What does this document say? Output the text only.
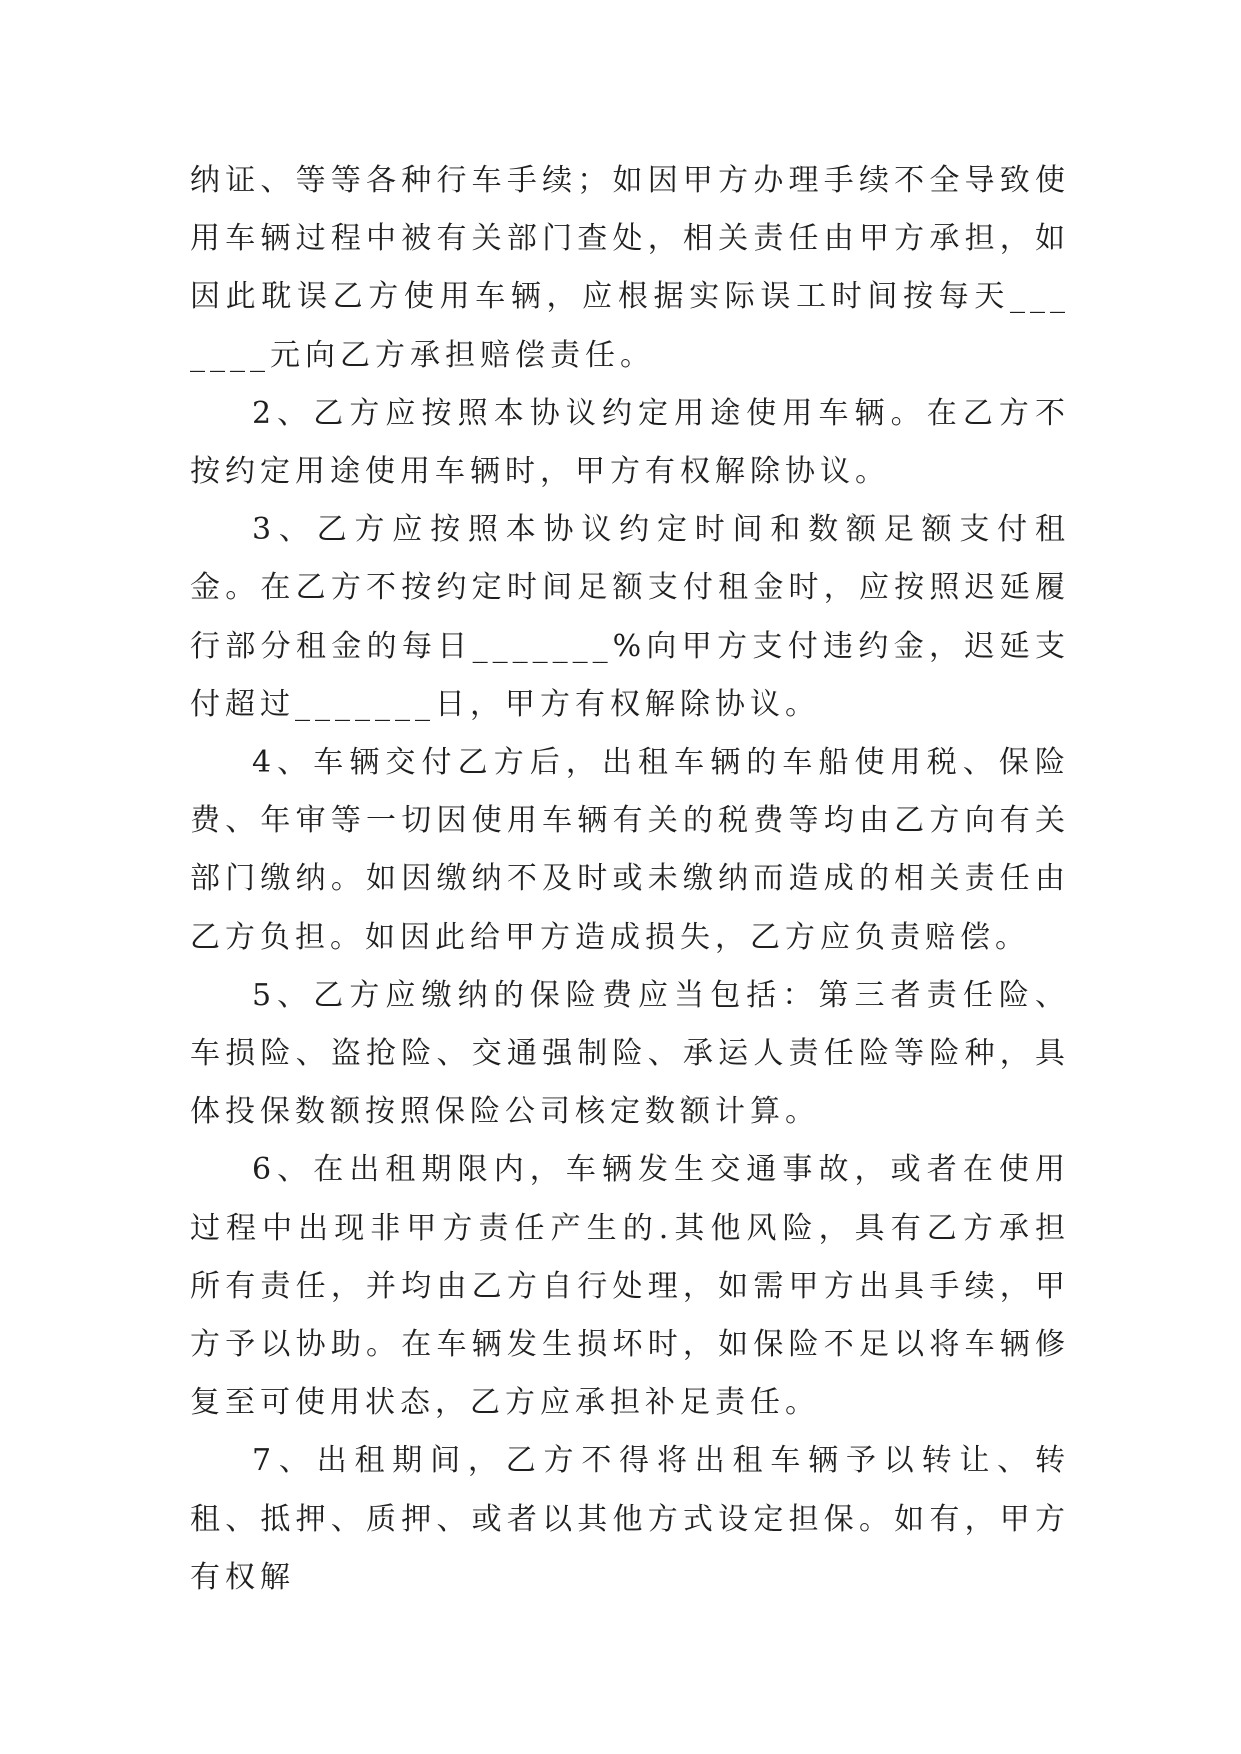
纳证、等等各种行车手续；如因甲方办理手续不全导致使用车辆过程中被有关部门查处，相关责任由甲方承担，如因此耽误乙方使用车辆，应根据实际误工时间按每天_______元向乙方承担赔偿责任。

2、乙方应按照本协议约定用途使用车辆。在乙方不按约定用途使用车辆时，甲方有权解除协议。

3、乙方应按照本协议约定时间和数额足额支付租金。在乙方不按约定时间足额支付租金时，应按照迟延履行部分租金的每日_______%向甲方支付违约金，迟延支付超过_______日，甲方有权解除协议。

4、车辆交付乙方后，出租车辆的车船使用税、保险费、年审等一切因使用车辆有关的税费等均由乙方向有关部门缴纳。如因缴纳不及时或未缴纳而造成的相关责任由乙方负担。如因此给甲方造成损失，乙方应负责赔偿。

5、乙方应缴纳的保险费应当包括：第三者责任险、车损险、盗抢险、交通强制险、承运人责任险等险种，具体投保数额按照保险公司核定数额计算。

6、在出租期限内，车辆发生交通事故，或者在使用过程中出现非甲方责任产生的.其他风险，具有乙方承担所有责任，并均由乙方自行处理，如需甲方出具手续，甲方予以协助。在车辆发生损坏时，如保险不足以将车辆修复至可使用状态，乙方应承担补足责任。

7、出租期间，乙方不得将出租车辆予以转让、转租、抵押、质押、或者以其他方式设定担保。如有，甲方有权解
